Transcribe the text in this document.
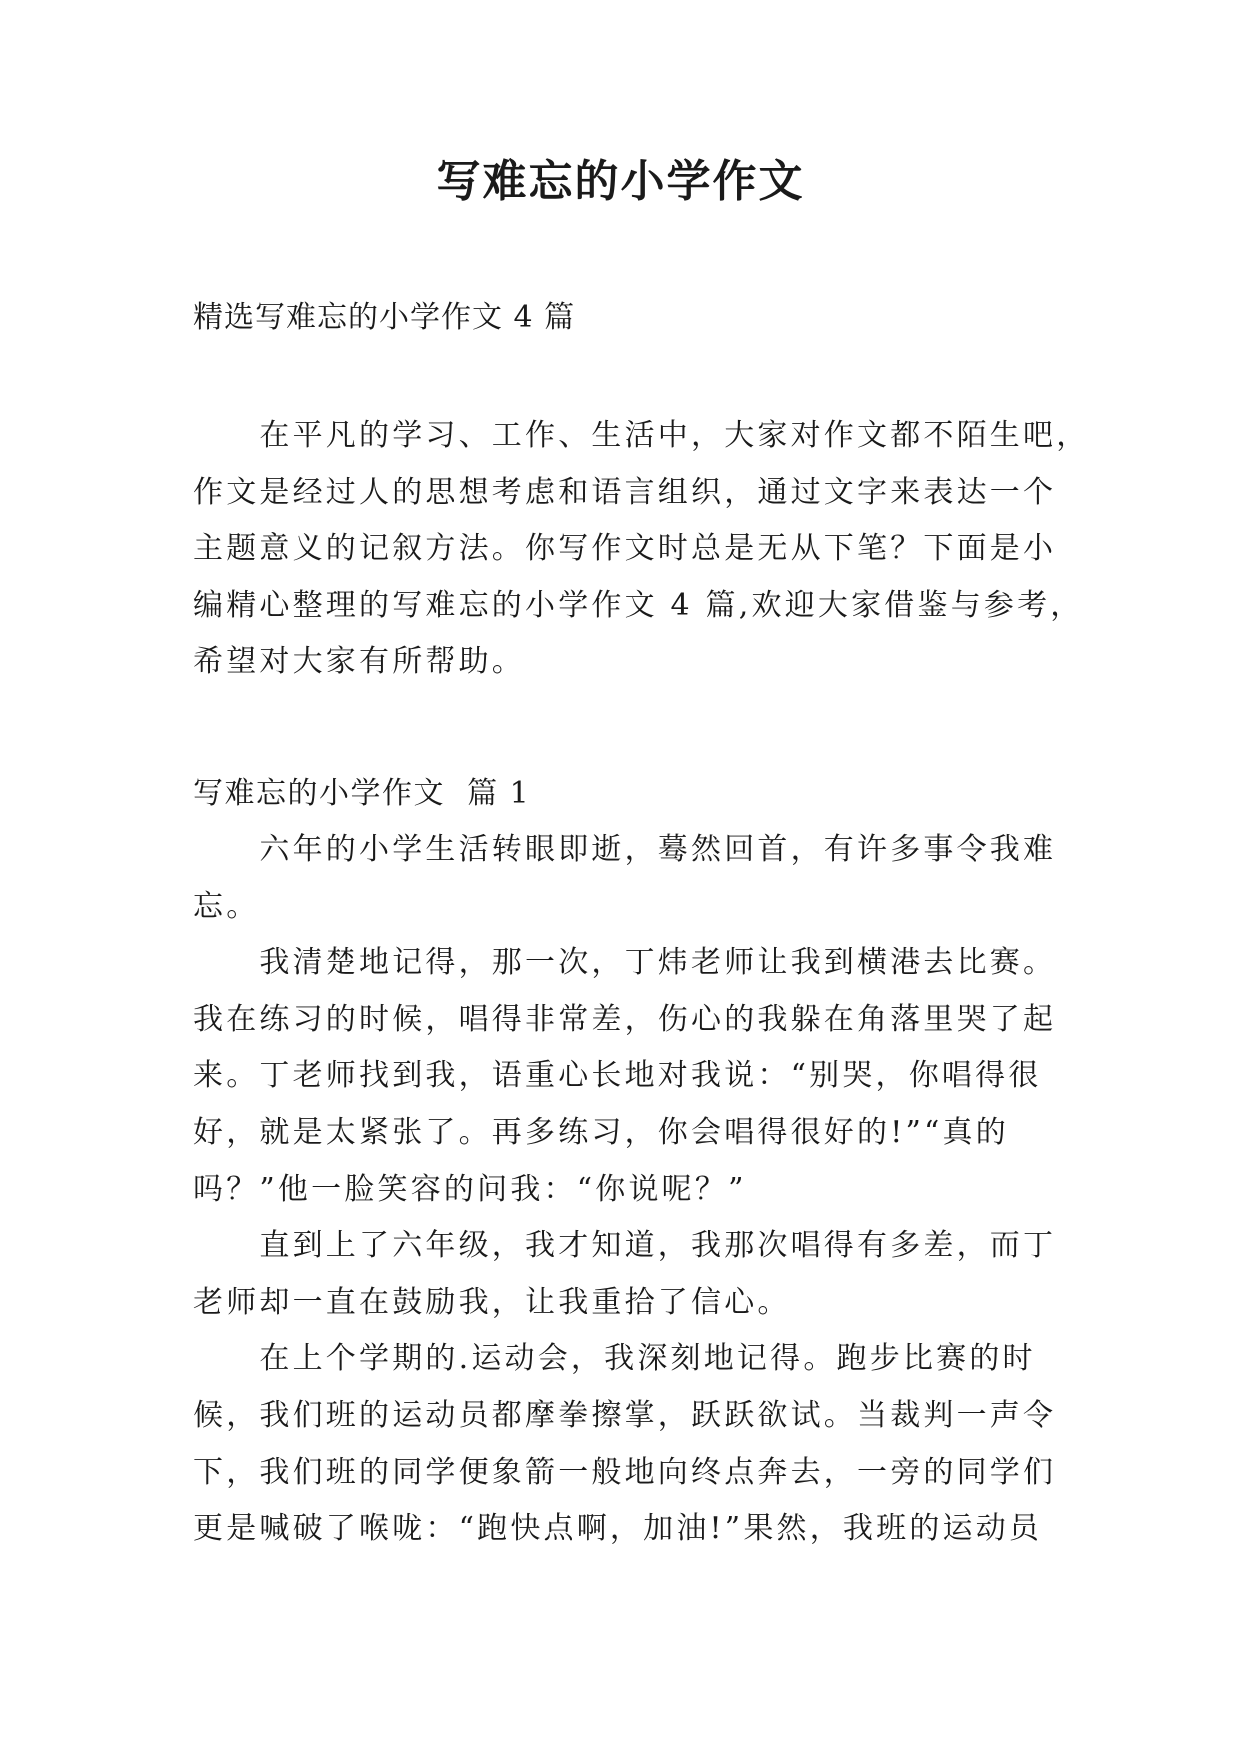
写难忘的小学作文

精选写难忘的小学作文 4 篇

　　在平凡的学习、工作、生活中，大家对作文都不陌生吧，
作文是经过人的思想考虑和语言组织，通过文字来表达一个
主题意义的记叙方法。你写作文时总是无从下笔？下面是小
编精心整理的写难忘的小学作文 4 篇,欢迎大家借鉴与参考，
希望对大家有所帮助。
写难忘的小学作文  篇 1
　　六年的小学生活转眼即逝，蓦然回首，有许多事令我难
忘。
　　我清楚地记得，那一次，丁炜老师让我到横港去比赛。
我在练习的时候，唱得非常差，伤心的我躲在角落里哭了起
来。丁老师找到我，语重心长地对我说：“别哭，你唱得很
好，就是太紧张了。再多练习，你会唱得很好的!”“真的
吗？”他一脸笑容的问我：“你说呢？”
　　直到上了六年级，我才知道，我那次唱得有多差，而丁
老师却一直在鼓励我，让我重拾了信心。
　　在上个学期的.运动会，我深刻地记得。跑步比赛的时
候，我们班的运动员都摩拳擦掌，跃跃欲试。当裁判一声令
下，我们班的同学便象箭一般地向终点奔去，一旁的同学们
更是喊破了喉咙：“跑快点啊，加油!”果然，我班的运动员
